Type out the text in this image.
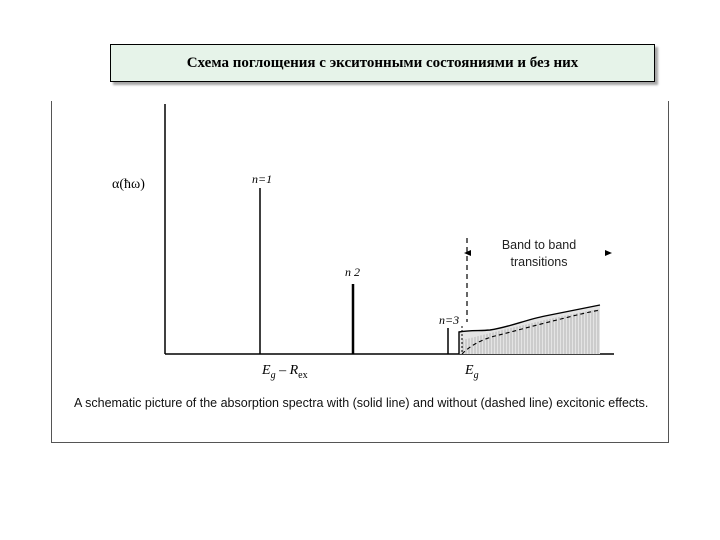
Схема поглощения с экситонными состояниями и без них
α(ħω)	n=1
n 2
n=3
Band to band
transitions
$E_g - R_{ex}$	$E_g$
A schematic picture of the absorption spectra with (solid line) and without (dashed line) excitonic effects.
